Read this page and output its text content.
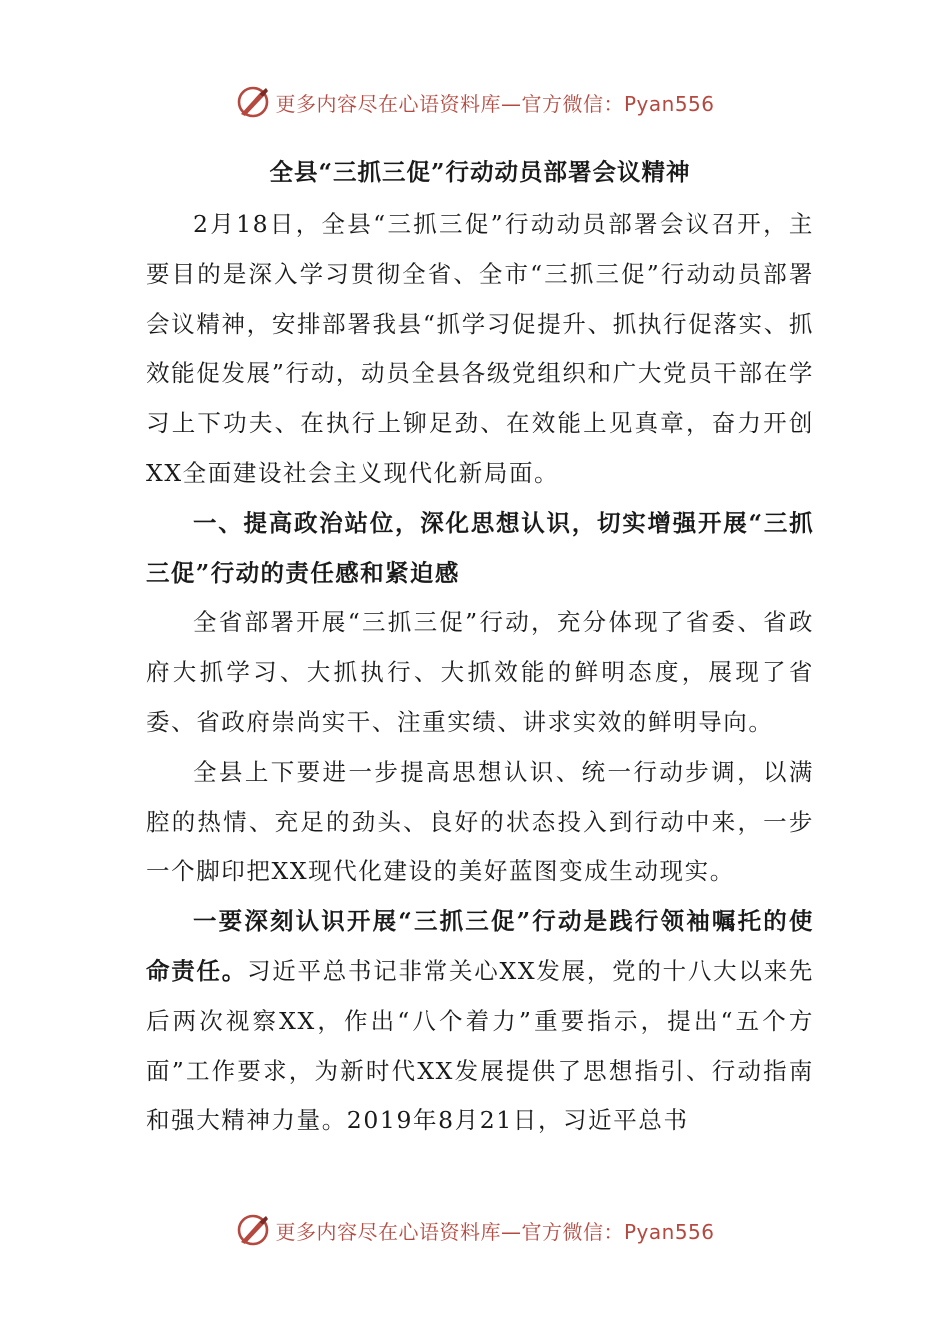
更多内容尽在心语资料库—官方微信：Pyan556
全县“三抓三促”行动动员部署会议精神

2月18日，全县“三抓三促”行动动员部署会议召开，主要目的是深入学习贯彻全省、全市“三抓三促”行动动员部署会议精神，安排部署我县“抓学习促提升、抓执行促落实、抓效能促发展”行动，动员全县各级党组织和广大党员干部在学习上下功夫、在执行上铆足劲、在效能上见真章，奋力开创XX全面建设社会主义现代化新局面。

一、提高政治站位，深化思想认识，切实增强开展“三抓三促”行动的责任感和紧迫感

全省部署开展“三抓三促”行动，充分体现了省委、省政府大抓学习、大抓执行、大抓效能的鲜明态度，展现了省委、省政府崇尚实干、注重实绩、讲求实效的鲜明导向。

全县上下要进一步提高思想认识、统一行动步调，以满腔的热情、充足的劲头、良好的状态投入到行动中来，一步一个脚印把XX现代化建设的美好蓝图变成生动现实。

一要深刻认识开展“三抓三促”行动是践行领袖嘱托的使命责任。习近平总书记非常关心XX发展，党的十八大以来先后两次视察XX，作出“八个着力”重要指示，提出“五个方面”工作要求，为新时代XX发展提供了思想指引、行动指南和强大精神力量。2019年8月21日，习近平总书

更多内容尽在心语资料库—官方微信：Pyan556
